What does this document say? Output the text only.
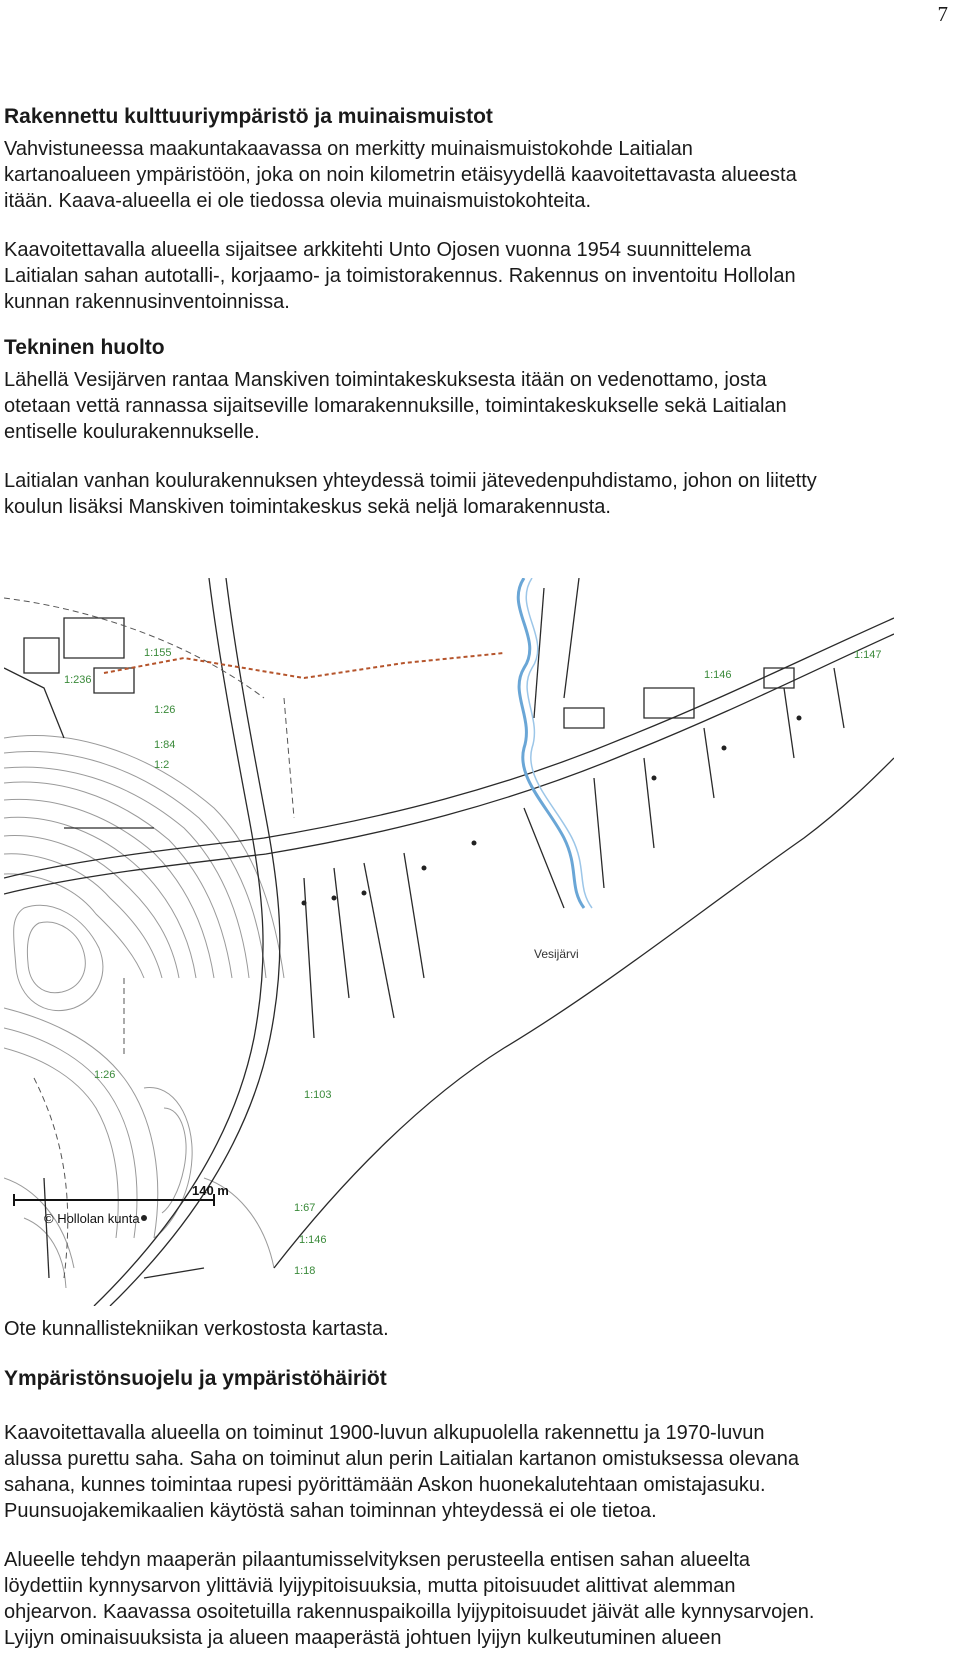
7
Rakennettu kulttuuriympäristö ja muinaismuistot

Vahvistuneessa maakuntakaavassa on merkitty muinaismuistokohde Laitialan
kartanoalueen ympäristöön, joka on noin kilometrin etäisyydellä kaavoitettavasta alueesta
itään. Kaava-alueella ei ole tiedossa olevia muinaismuistokohteita.

Kaavoitettavalla alueella sijaitsee arkkitehti Unto Ojosen vuonna 1954 suunnittelema
Laitialan sahan autotalli-, korjaamo- ja toimistorakennus. Rakennus on inventoitu Hollolan
kunnan rakennusinventoinnissa.

Tekninen huolto

Lähellä Vesijärven rantaa Manskiven toimintakeskuksesta itään on vedenottamo, josta
otetaan vettä rannassa sijaitseville lomarakennuksille, toimintakeskukselle sekä Laitialan
entiselle koulurakennukselle.

Laitialan vanhan koulurakennuksen yhteydessä toimii jätevedenpuhdistamo, johon on liitetty
koulun lisäksi Manskiven toimintakeskus sekä neljä lomarakennusta.

1:155
1:146
1:147
1:103
1:146
1:67
1:18
1:26
1:2
1:84
1:236
1:26
Vesijärvi
140 m
© Hollolan kunta
Ote kunnallistekniikan verkostosta kartasta.
Ympäristönsuojelu ja ympäristöhäiriöt

Kaavoitettavalla alueella on toiminut 1900-luvun alkupuolella rakennettu ja 1970-luvun
alussa purettu saha. Saha on toiminut alun perin Laitialan kartanon omistuksessa olevana
sahana, kunnes toimintaa rupesi pyörittämään Askon huonekalutehtaan omistajasuku.
Puunsuojakemikaalien käytöstä sahan toiminnan yhteydessä ei ole tietoa.

Alueelle tehdyn maaperän pilaantumisselvityksen perusteella entisen sahan alueelta
löydettiin kynnysarvon ylittäviä lyijypitoisuuksia, mutta pitoisuudet alittivat alemman
ohjearvon. Kaavassa osoitetuilla rakennuspaikoilla lyijypitoisuudet jäivät alle kynnysarvojen.
Lyijyn ominaisuuksista ja alueen maaperästä johtuen lyijyn kulkeutuminen alueen
